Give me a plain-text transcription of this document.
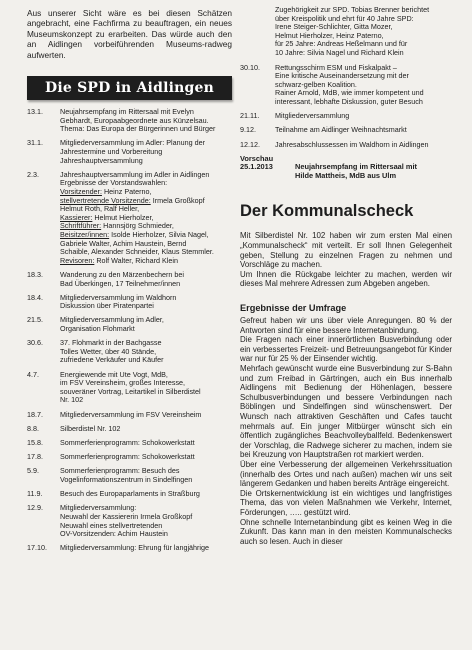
Aus unserer Sicht wäre es bei diesen Schätzen angebracht, eine Fachfirma zu beauftragen, ein neues Museumskonzept zu erarbeiten. Das würde auch den an Aidlingen vorbeiführenden Museums-radweg aufwerten.

Die SPD in Aidlingen
13.1.	Neujahrsempfang im Rittersaal mit Evelyn
Gebhardt, Europaabgeordnete aus Künzelsau.
Thema: Das Europa der Bürgerinnen und Bürger
31.1.	Mitgliederversammlung im Adler: Planung der
Jahrestermine und Vorbereitung
Jahreshauptversammlung
2.3.	Jahreshauptversammlung im Adler in Aidlingen
Ergebnisse der Vorstandswahlen:
Vorsitzender: Heinz Paterno,
stellvertretende Vorsitzende: Irmela Großkopf
Helmut Roth, Ralf Heller,
Kassierer: Helmut Hierholzer,
Schriftführer: Hannsjörg Schmieder,
Beisitzer/innen: Isolde Hierholzer, Silvia Nagel,
Gabriele Walter, Achim Haustein, Bernd
Schaible, Alexander Schneider, Klaus Stemmler.
Revisoren: Rolf Walter, Richard Klein
18.3.	Wanderung zu den Märzenbechern bei
Bad Überkingen, 17 Teilnehmer/innen
18.4.	Mitgliederversammlung im Waldhorn
Diskussion über Piratenpartei
21.5.	Mitgliederversammlung im Adler,
Organisation Flohmarkt
30.6.	37. Flohmarkt in der Bachgasse
Tolles Wetter, über 40 Stände,
zufriedene Verkäufer und Käufer
4.7.	Energiewende mit Ute Vogt, MdB,
im FSV Vereinsheim, großes Interesse,
souveräner Vortrag, Leitartikel in Silberdistel
Nr. 102
18.7.	Mitgliederversammlung im FSV Vereinsheim
8.8.	Silberdistel Nr. 102
15.8.	Sommerferienprogramm: Schokowerkstatt
17.8.	Sommerferienprogramm: Schokowerkstatt
5.9.	Sommerferienprogramm: Besuch des
Vogelinformationszentrum in Sindelfingen
11.9.	Besuch des Europaparlaments in Straßburg
12.9.	Mitgliederversammlung:
Neuwahl der Kassiererin Irmela Großkopf
Neuwahl eines stellvertretenden
OV-Vorsitzenden: Achim Haustein
17.10.	Mitgliederversammlung: Ehrung für langjährige
Zugehörigkeit zur SPD. Tobias Brenner berichtet
über Kreispolitik und ehrt für 40 Jahre SPD:
Irene Steiger-Schlichter, Gitta Mozer,
Helmut Hierholzer, Heinz Paterno,
für 25 Jahre: Andreas Heßelmann und für
10 Jahre: Silvia Nagel und Richard Klein
30.10.	Rettungsschirm ESM und Fiskalpakt –
Eine kritische Auseinandersetzung mit der
schwarz-gelben Koalition.
Rainer Arnold, MdB, wie immer kompetent und
interessant, lebhafte Diskussion, guter Besuch
21.11.	Mitgliederversammlung
9.12.	Teilnahme am Aidlinger Weihnachtsmarkt
12.12.	Jahresabschlussessen im Waldhorn in Aidlingen
Vorschau
25.1.2013	Neujahrsempfang im Rittersaal mit
Hilde Mattheis, MdB aus Ulm
Der Kommunalscheck

Mit Silberdistel Nr. 102 haben wir zum ersten Mal einen „Kommunalscheck“ mit verteilt. Er soll Ihnen Gelegenheit geben, Stellung zu einzelnen Fragen zu nehmen und Vorschläge zu machen.

Um Ihnen die Rückgabe leichter zu machen, werden wir dieses Mal mehrere Adressen zum Abgeben angeben.

Ergebnisse der Umfrage

Gefreut haben wir uns über viele Anregungen. 80 % der Antworten sind für eine bessere Internetanbindung.

Die Fragen nach einer innerörtlichen Busverbindung oder ein verbessertes Freizeit- und Betreuungsangebot für Kinder war nur für 25 % der Einsender wichtig.

Mehrfach gewünscht wurde eine Busverbindung zur S-Bahn und zum Freibad in Gärtringen, auch ein Bus innerhalb Aidlingens mit Bedienung der Höhenlagen, bessere Schulbusverbindungen und bessere Verbindungen nach Böblingen und Sindelfingen sind wünschenswert. Der Wunsch nach attraktiven Geschäften und Cafes taucht mehrmals auf. Ein junger Mitbürger wünscht sich ein öffentlich zugängliches Beachvolleyballfeld. Bedenkenswert der Vorschlag, die Radwege sicherer zu machen, indem sie bei Kreuzung von Hauptstraßen rot markiert werden.

Über eine Verbesserung der allgemeinen Verkehrssituation (innerhalb des Ortes und nach außen) machen wir uns seit längerem Gedanken und haben bereits Anträge eingereicht.

Die Ortskernentwicklung ist ein wichtiges und langfristiges Thema, das von vielen Maßnahmen wie Verkehr, Internet, Förderungen, ….. gestützt wird.

Ohne schnelle Internetanbindung gibt es keinen Weg in die Zukunft. Das kann man in den meisten Kommunalschecks auch so lesen. Auch in dieser
